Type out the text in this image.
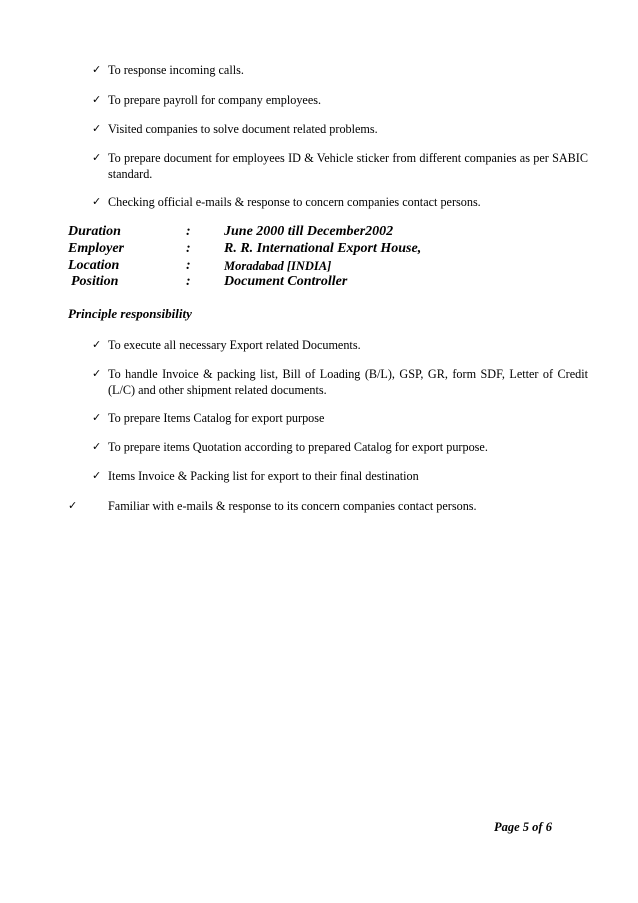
✓ To response incoming calls.
✓ To prepare payroll for company employees.
✓ Visited companies to solve document related problems.
✓ To prepare document for employees ID & Vehicle sticker from different companies as per SABIC standard.
✓ Checking official e-mails & response to concern companies contact persons.
Duration	: June 2000 till December2002
Employer	: R. R. International Export House,
Location	:	Moradabad [INDIA]
Position	: Document Controller
Principle responsibility
✓ To execute all necessary Export related Documents.
✓ To handle Invoice & packing list, Bill of Loading (B/L), GSP, GR, form SDF, Letter of Credit (L/C) and other shipment related documents.
✓ To prepare Items Catalog for export purpose
✓ To prepare items Quotation according to prepared Catalog for export purpose.
✓ Items Invoice & Packing list for export to their final destination
✓	Familiar with e-mails & response to its concern companies contact persons.
Page 5 of 6
